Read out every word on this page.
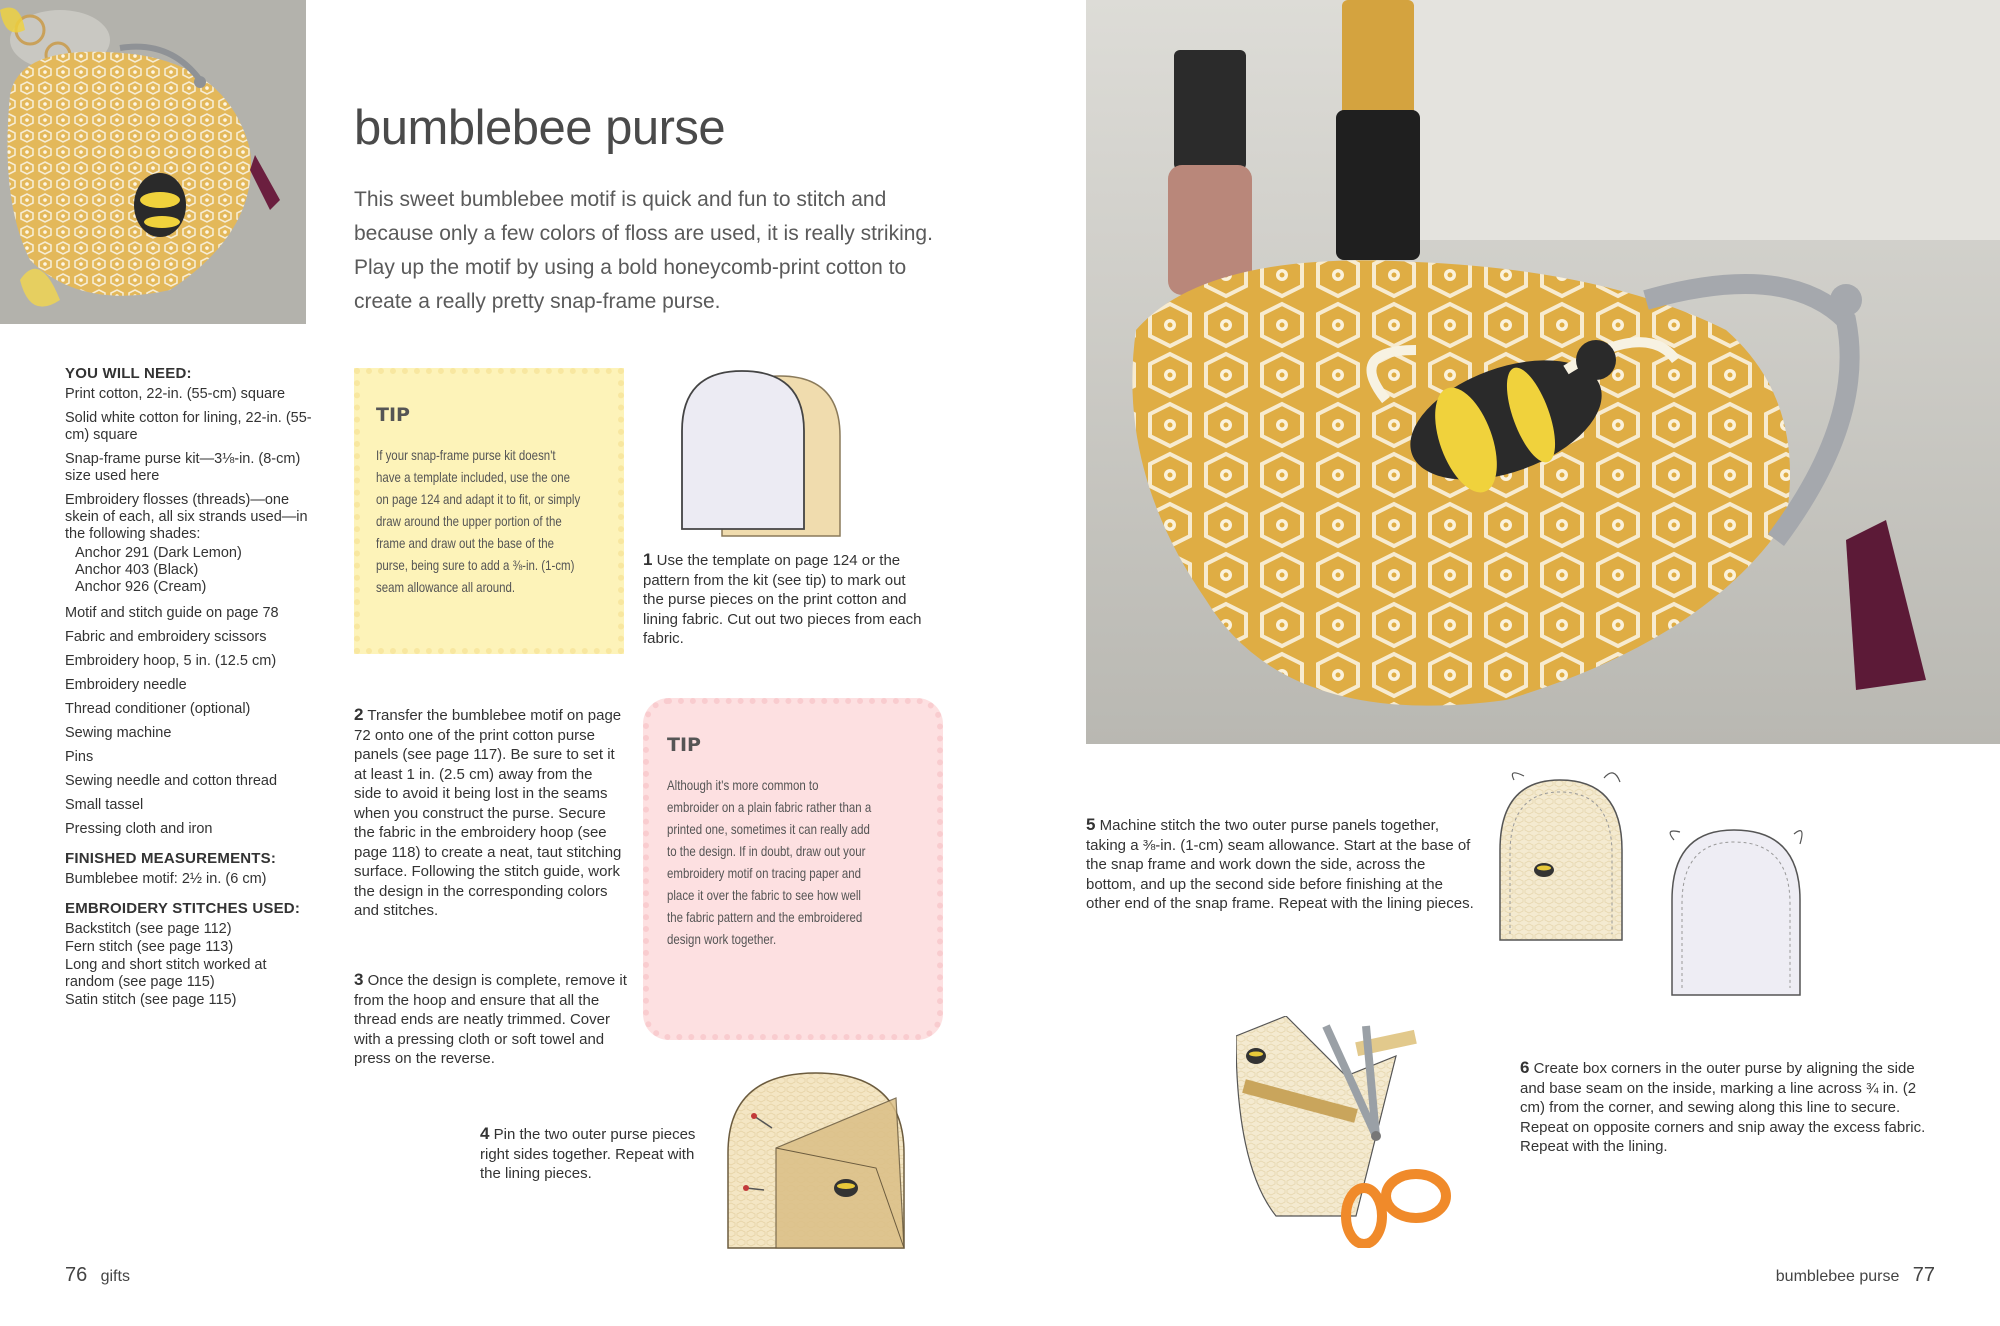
bumblebee purse

This sweet bumblebee motif is quick and fun to stitch and because only a few colors of floss are used, it is really striking. Play up the motif by using a bold honeycomb-print cotton to create a really pretty snap-frame purse.

YOU WILL NEED:
Print cotton, 22-in. (55-cm) square
Solid white cotton for lining, 22-in. (55-cm) square
Snap-frame purse kit—3⅛-in. (8-cm) size used here
Embroidery flosses (threads)—one skein of each, all six strands used—in the following shades:
Anchor 291 (Dark Lemon)
Anchor 403 (Black)
Anchor 926 (Cream)
Motif and stitch guide on page 78
Fabric and embroidery scissors
Embroidery hoop, 5 in. (12.5 cm)
Embroidery needle
Thread conditioner (optional)
Sewing machine
Pins
Sewing needle and cotton thread
Small tassel
Pressing cloth and iron
FINISHED MEASUREMENTS:
Bumblebee motif: 2½ in. (6 cm)
EMBROIDERY STITCHES USED:
Backstitch (see page 112)
Fern stitch (see page 113)
Long and short stitch worked at random (see page 115)
Satin stitch (see page 115)
TIP
If your snap-frame purse kit doesn't have a template included, use the one on page 124 and adapt it to fit, or simply draw around the upper portion of the frame and draw out the base of the purse, being sure to add a ⅜-in. (1-cm) seam allowance all around.
1 Use the template on page 124 or the pattern from the kit (see tip) to mark out the purse pieces on the print cotton and lining fabric. Cut out two pieces from each fabric.
2 Transfer the bumblebee motif on page 72 onto one of the print cotton purse panels (see page 117). Be sure to set it at least 1 in. (2.5 cm) away from the side to avoid it being lost in the seams when you construct the purse. Secure the fabric in the embroidery hoop (see page 118) to create a neat, taut stitching surface. Following the stitch guide, work the design in the corresponding colors and stitches.
3 Once the design is complete, remove it from the hoop and ensure that all the thread ends are neatly trimmed. Cover with a pressing cloth or soft towel and press on the reverse.
TIP
Although it's more common to embroider on a plain fabric rather than a printed one, sometimes it can really add to the design. If in doubt, draw out your embroidery motif on tracing paper and place it over the fabric to see how well the fabric pattern and the embroidered design work together.
4 Pin the two outer purse pieces right sides together. Repeat with the lining pieces.
76 gifts
5 Machine stitch the two outer purse panels together, taking a ⅜-in. (1-cm) seam allowance. Start at the base of the snap frame and work down the side, across the bottom, and up the second side before finishing at the other end of the snap frame. Repeat with the lining pieces.
6 Create box corners in the outer purse by aligning the side and base seam on the inside, marking a line across ¾ in. (2 cm) from the corner, and sewing along this line to secure. Repeat on opposite corners and snip away the excess fabric. Repeat with the lining.
bumblebee purse 77
